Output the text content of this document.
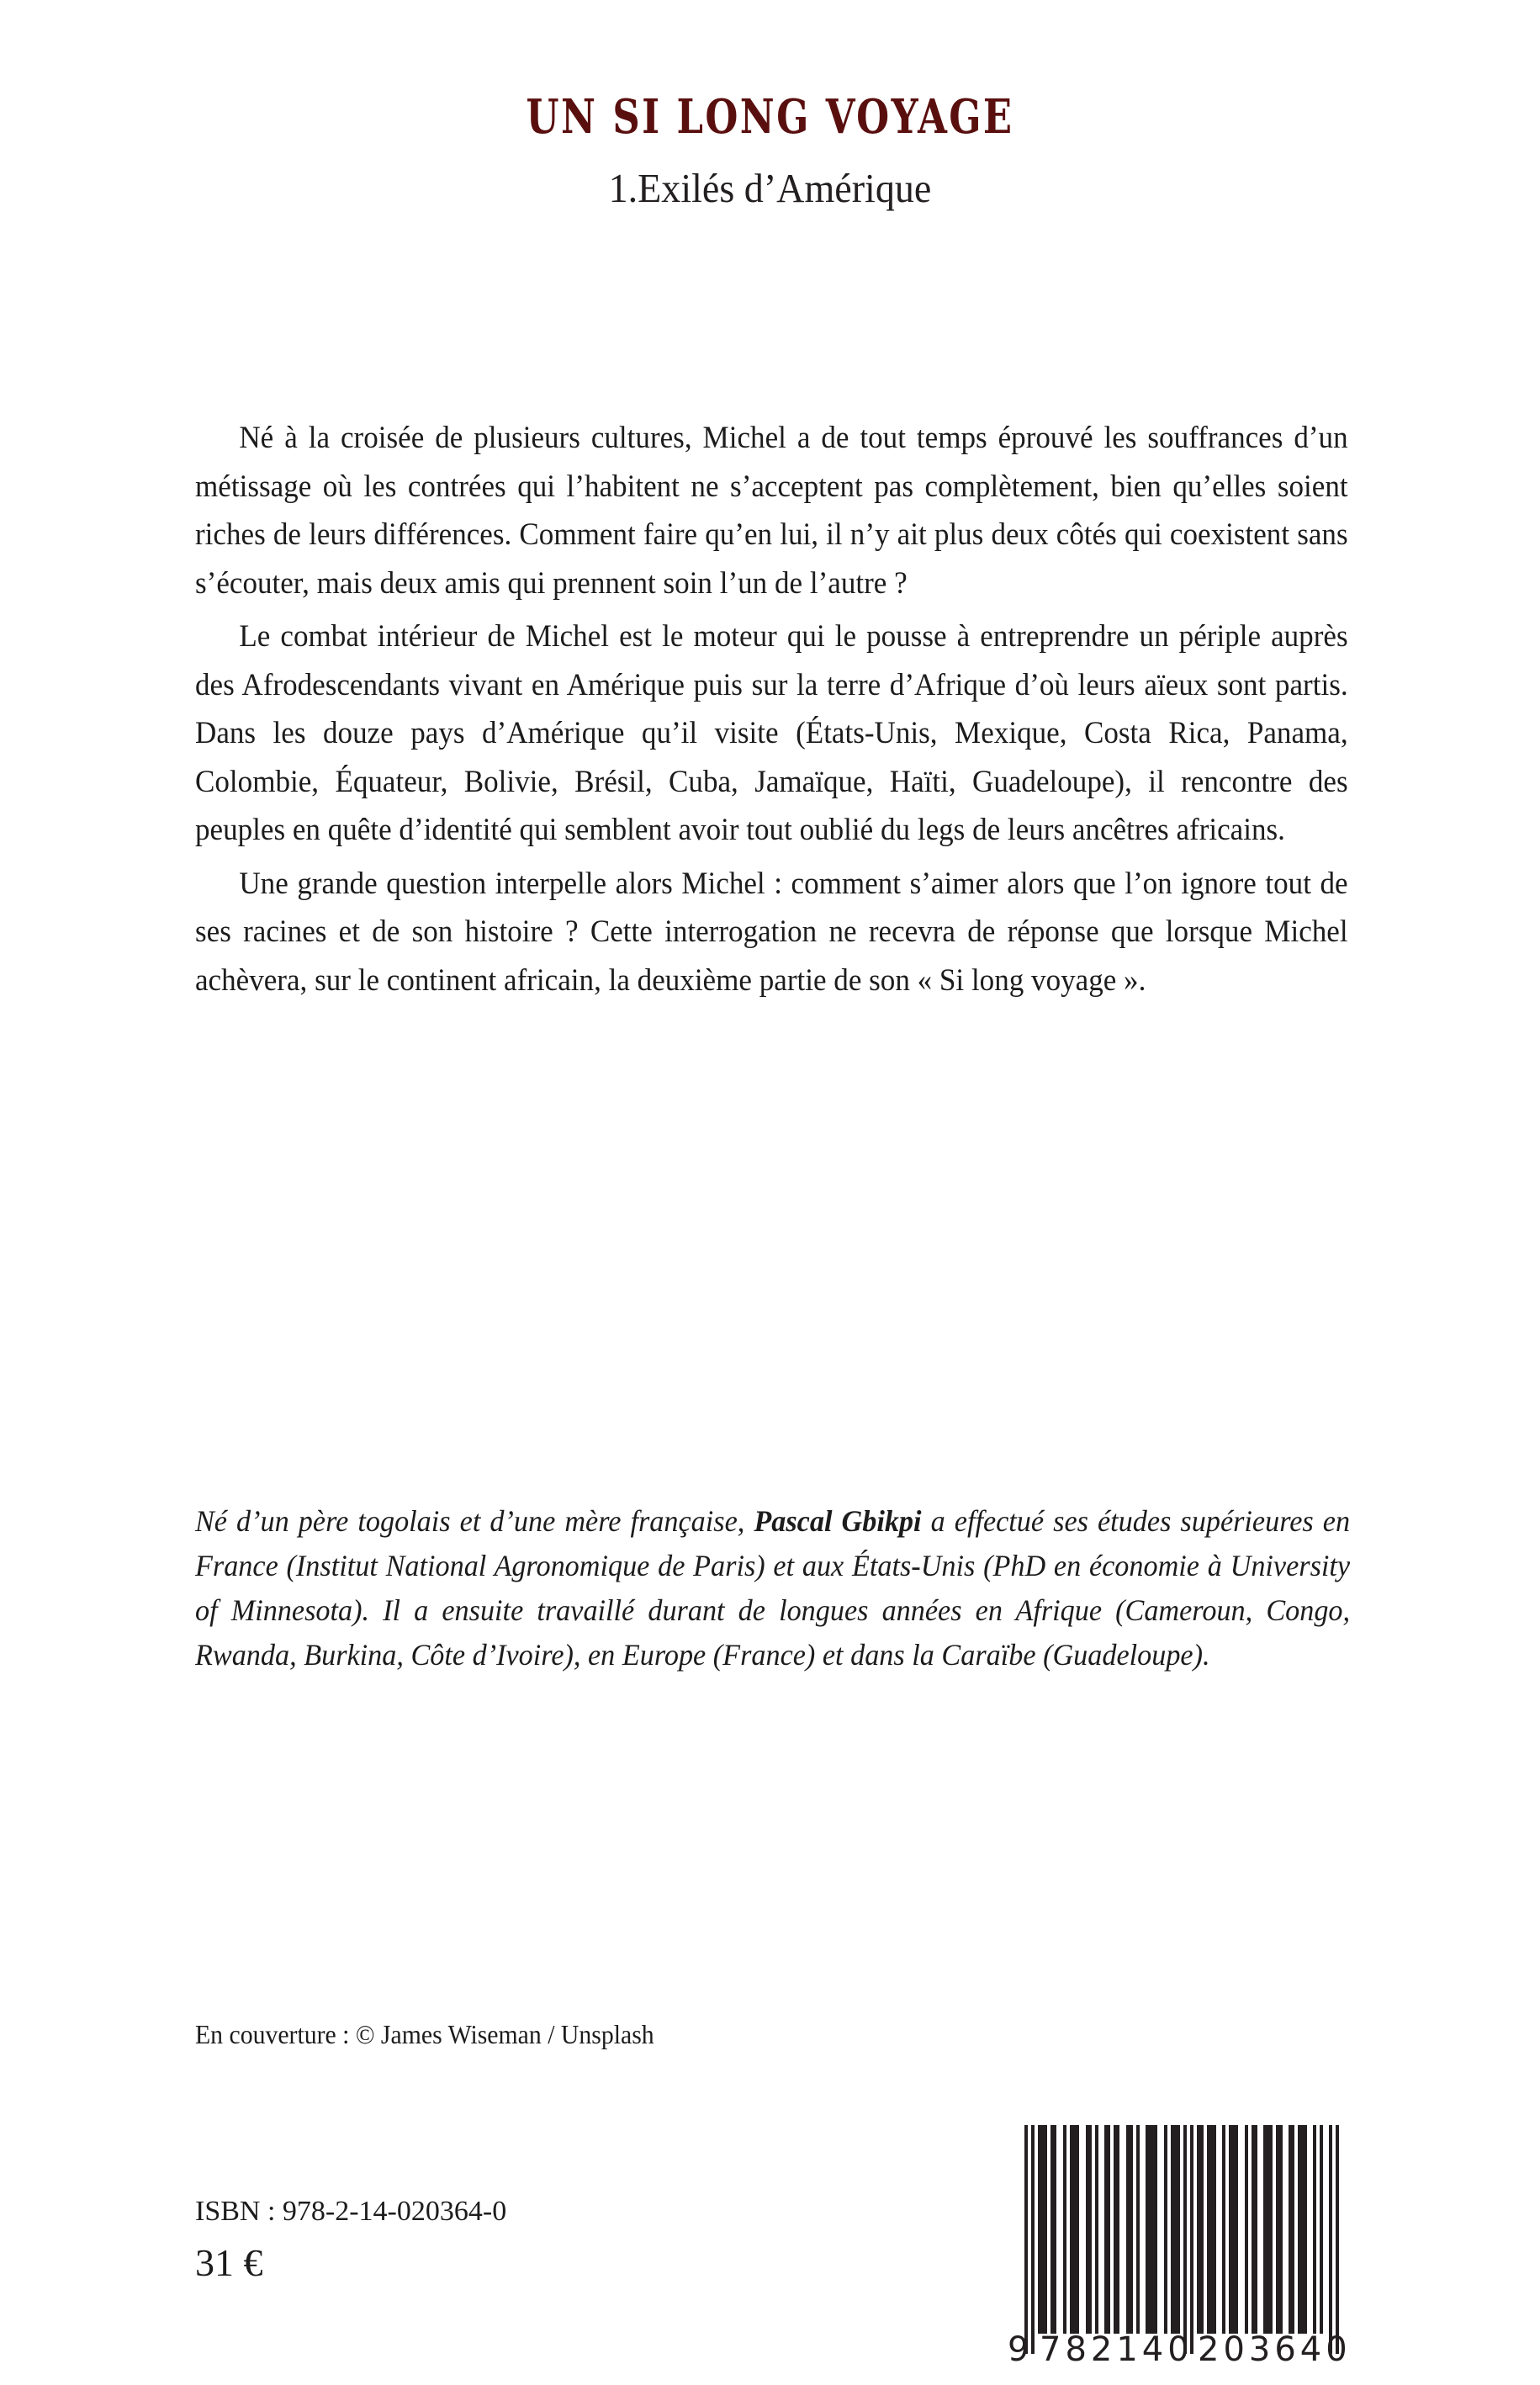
UN SI LONG VOYAGE
1.Exilés d’Amérique

Né à la croisée de plusieurs cultures, Michel a de tout temps éprouvé les souffrances d’un métissage où les contrées qui l’habitent ne s’acceptent pas complètement, bien qu’elles soient riches de leurs différences. Comment faire qu’en lui, il n’y ait plus deux côtés qui coexistent sans s’écouter, mais deux amis qui prennent soin l’un de l’autre ?

Le combat intérieur de Michel est le moteur qui le pousse à entreprendre un périple auprès des Afrodescendants vivant en Amérique puis sur la terre d’Afrique d’où leurs aïeux sont partis. Dans les douze pays d’Amérique qu’il visite (États-Unis, Mexique, Costa Rica, Panama, Colombie, Équateur, Bolivie, Brésil, Cuba, Jamaïque, Haïti, Guadeloupe), il rencontre des peuples en quête d’identité qui semblent avoir tout oublié du legs de leurs ancêtres africains.

Une grande question interpelle alors Michel : comment s’aimer alors que l’on ignore tout de ses racines et de son histoire ? Cette interrogation ne recevra de réponse que lorsque Michel achèvera, sur le continent africain, la deuxième partie de son « Si long voyage ».

Né d’un père togolais et d’une mère française, Pascal Gbikpi a effectué ses études supérieures en France (Institut National Agronomique de Paris) et aux États-Unis (PhD en économie à University of Minnesota). Il a ensuite travaillé durant de longues années en Afrique (Cameroun, Congo, Rwanda, Burkina, Côte d’Ivoire), en Europe (France) et dans la Caraïbe (Guadeloupe).

En couverture : © James Wiseman / Unsplash
ISBN : 978-2-14-020364-0
31 €
9 782140 203640
